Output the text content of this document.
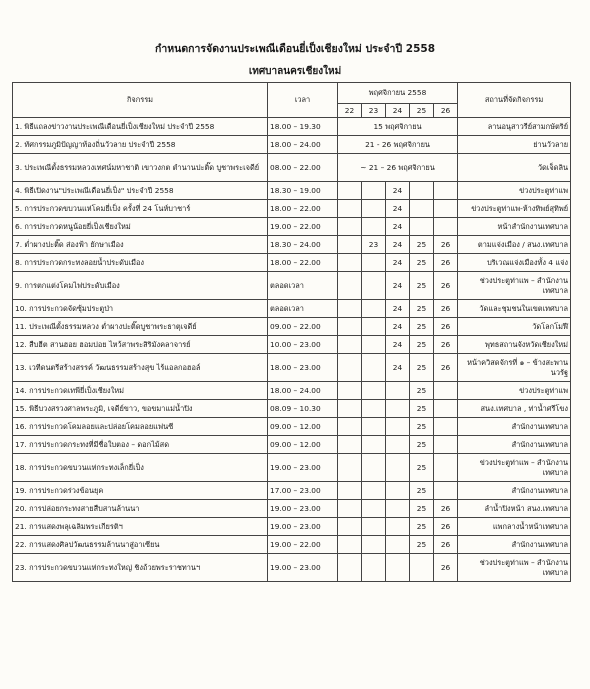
กำหนดการจัดงานประเพณีเดือนยี่เป็งเชียงใหม่ ประจำปี 2558
เทศบาลนครเชียงใหม่
กิจกรรม	เวลา	พฤศจิกายน 2558					สถานที่จัดกิจกรรม
		22	23	24	25	26	
1. พิธีแถลงข่าวงานประเพณีเดือนยี่เป็งเชียงใหม่ ประจำปี 2558	18.00 – 19.30	15 พฤศจิกายน					ลานอนุสาวรีย์สามกษัตริย์
2. ทัศกรรมภูมิปัญญาท้องถิ่นวัวลาย ประจำปี 2558	18.00 – 24.00	21 - 26 พฤศจิกายน					ย่านวัวลาย
3. ประเพณีตั้งธรรมหลวงเทศน์มหาชาติ เขาวงกต ตำนานปะติ๊ด บูชาพระเจดีย์	08.00 – 22.00	~ 21 – 26 พฤศจิกายน					วัดเจ็ดลิน
4. พิธีเปิดงาน"ประเพณีเดือนยี่เป็ง" ประจำปี 2558	18.30 – 19.00			24			ข่วงประตูท่าแพ
5. การประกวดขบวนแห่โคมยี่เป็ง ครั้งที่ 24 โนห์บาชาร์	18.00 – 22.00			24			ข่วงประตูท่าแพ-ห้างทิพย์สุทิพย์
6. การประกวดหนูน้อยยี่เป็งเชียงใหม่	19.00 – 22.00			24			หน้าสำนักงานเทศบาล
7. ต่ำผางปะติ๊ด ส่องฟ้า ยักษาเมือง	18.30 – 24.00		23	24	25	26	ตามแจ่งเมือง / สนง.เทศบาล
8. การประกวดกระทงลอยน้ำประดับเมือง	18.00 – 22.00			24	25	26	บริเวณแจ่งเมืองทั้ง 4 แจ่ง
9. การตกแต่งโคมไฟประดับเมือง	ตลอดเวลา			24	25	26	ช่วงประตูท่าแพ – สำนักงานเทศบาล
10. การประกวดจัดซุ้มประตูป่า	ตลอดเวลา			24	25	26	วัดและชุมชนในเขตเทศบาล
11. ประเพณีตั้งธรรมหลวง ต่ำผางปะติ๊ดบูชาพระธาตุเจดีย์	09.00 – 22.00			24	25	26	วัดโลกโมฬี
12. สืบฮีต สานฮอย ฮอมปอย ไหว้สาพระสิริมังคลาจารย์	10.00 – 23.00			24	25	26	พุทธสถานจังหวัดเชียงใหม่
13. เวทีดนตรีสร้างสรรค์ วัฒนธรรมสร้างสุข ไร้แอลกอฮอล์	18.00 – 23.00			24	25	26	หน้าควิสดจักรที่ ๑ – ข้างสะพานนวรัฐ
14. การประกวดเทพียี่เป็งเชียงใหม่	18.00 – 24.00				25		ข่วงประตูท่าแพ
15. พิธีบวงสรวงศาลพระภูมิ, เจดีย์ขาว, ขอขมาแม่น้ำปิง	08.09 – 10.30				25		สนง.เทศบาล , ท่าน้ำศรีโขง
16. การประกวดโคมลอยและปล่อยโคมลอยแฟนซี	09.00 – 12.00				25		สำนักงานเทศบาล
17. การประกวดกระทงที่มีชื่อใบตอง – ดอกไม้สด	09.00 – 12.00				25		สำนักงานเทศบาล
18. การประกวดขบวนแห่กระทงเล็กยี่เป็ง	19.00 – 23.00				25		ข่วงประตูท่าแพ – สำนักงานเทศบาล
19. การประกวดร่วงข้อนยุค	17.00 – 23.00				25		สำนักงานเทศบาล
20. การปล่อยกระทงสายสืบสานล้านนา	19.00 – 23.00				25	26	ลำน้ำปิงหน้า สนง.เทศบาล
21. การแสดงพลุเฉลิมพระเกียรติฯ	19.00 – 23.00				25	26	แพกลางน้ำหน้าเทศบาล
22. การแสดงศิลปวัฒนธรรมล้านนาสู่อาเซียน	19.00 – 22.00				25	26	สำนักงานเทศบาล
23. การประกวดขบวนแห่กระทงใหญ่ ชิงถ้วยพระราชทานฯ	19.00 – 23.00					26	ช่วงประตูท่าแพ – สำนักงานเทศบาล
